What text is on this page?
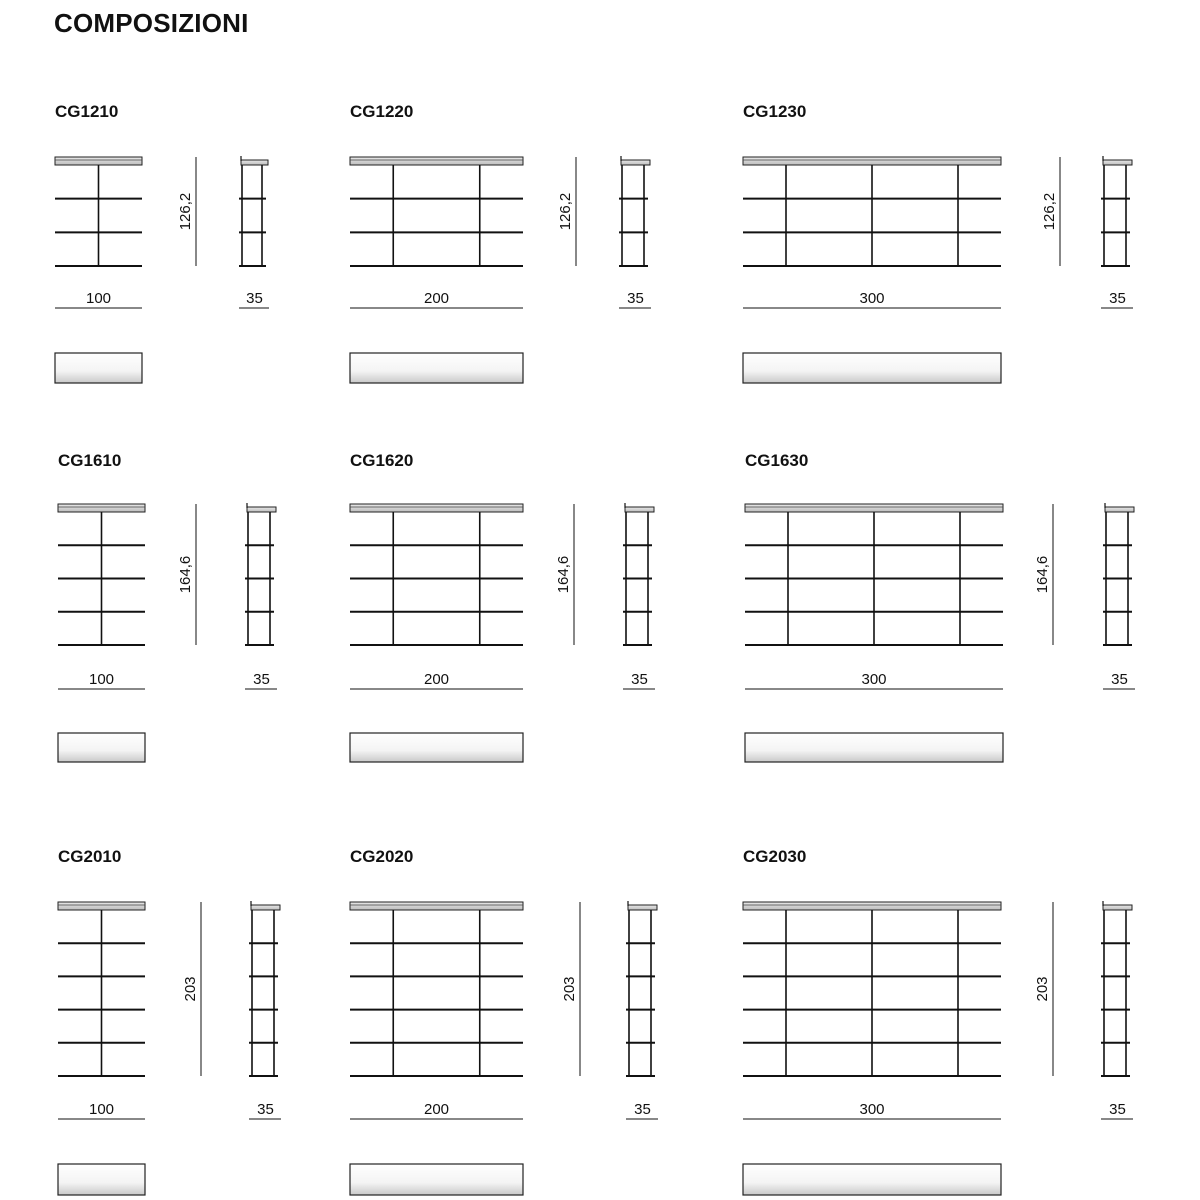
COMPOSIZIONI
CG1210
126,2
100	35
CG1220
126,2
200	35
CG1230
126,2
300	35
CG1610
164,6
100	35
CG1620
164,6
200	35
CG1630
164,6
300	35
CG2010
203
100	35
CG2020
203
200	35
CG2030
203
300	35
